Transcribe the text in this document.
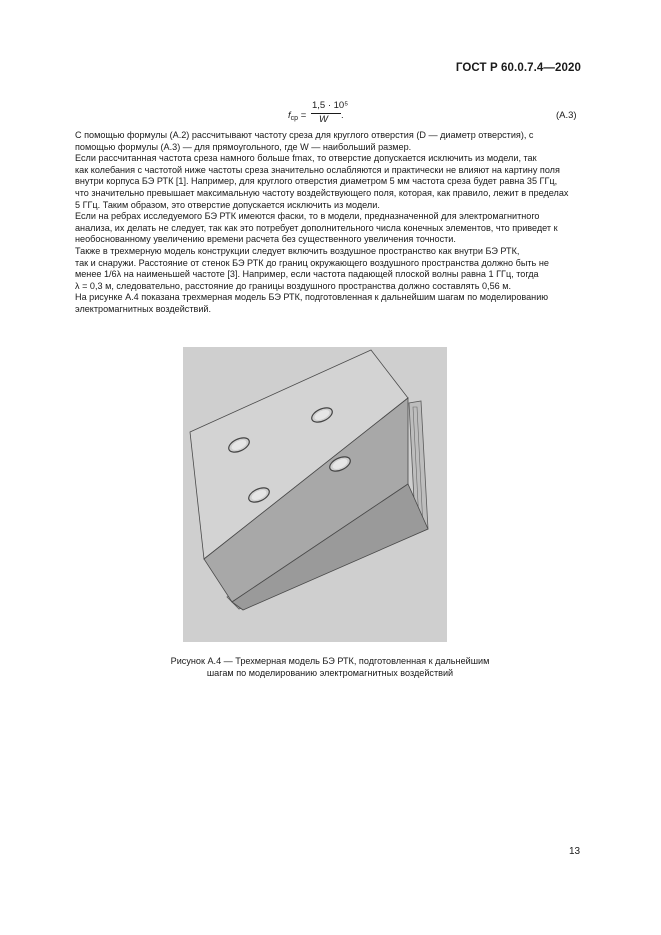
ГОСТ Р 60.0.7.4—2020
$f_{ср}$ =
1,5 · 10⁵
W .	(А.3)
С помощью формулы (А.2) рассчитывают частоту среза для круглого отверстия (D — диаметр отверстия), с
помощью формулы (А.3) — для прямоугольного, где W — наибольший размер.
Если рассчитанная частота среза намного больше fmax, то отверстие допускается исключить из модели, так
как колебания с частотой ниже частоты среза значительно ослабляются и практически не влияют на картину поля
внутри корпуса БЭ РТК [1]. Например, для круглого отверстия диаметром 5 мм частота среза будет равна 35 ГГц,
что значительно превышает максимальную частоту воздействующего поля, которая, как правило, лежит в пределах
5 ГГц. Таким образом, это отверстие допускается исключить из модели.
Если на ребрах исследуемого БЭ РТК имеются фаски, то в модели, предназначенной для электромагнитного
анализа, их делать не следует, так как это потребует дополнительного числа конечных элементов, что приведет к
необоснованному увеличению времени расчета без существенного увеличения точности.
Также в трехмерную модель конструкции следует включить воздушное пространство как внутри БЭ РТК,
так и снаружи. Расстояние от стенок БЭ РТК до границ окружающего воздушного пространства должно быть не
менее 1/6λ на наименьшей частоте [3]. Например, если частота падающей плоской волны равна 1 ГГц, тогда
λ = 0,3 м, следовательно, расстояние до границы воздушного пространства должно составлять 0,56 м.
На рисунке А.4 показана трехмерная модель БЭ РТК, подготовленная к дальнейшим шагам по моделированию
электромагнитных воздействий.
Рисунок А.4 — Трехмерная модель БЭ РТК, подготовленная к дальнейшим
шагам по моделированию электромагнитных воздействий
13
